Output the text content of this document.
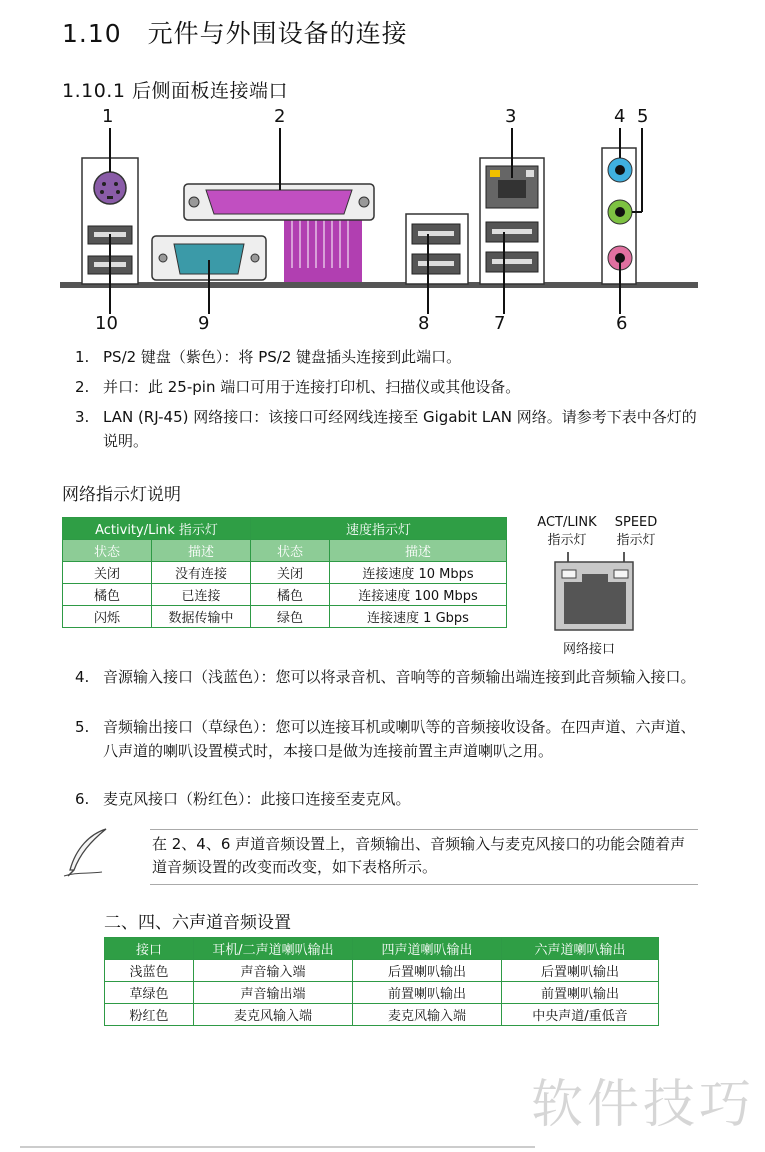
1.10　元件与外围设备的连接
1.10.1 后侧面板连接端口
1	2	3	4 5
10	9	8	7	6
1. PS/2 键盘（紫色）：将 PS/2 键盘插头连接到此端口。
2. 并口：此 25-pin 端口可用于连接打印机、扫描仪或其他设备。
3. LAN (RJ-45) 网络接口：该接口可经网线连接至 Gigabit LAN 网络。请参考下表中各灯的说明。
网络指示灯说明
Activity/Link 指示灯		速度指示灯	
状态	描述	状态	描述
关闭	没有连接	关闭	连接速度 10 Mbps
橘色	已连接	橘色	连接速度 100 Mbps
闪烁	数据传输中	绿色	连接速度 1 Gbps
ACT/LINK
指示灯
SPEED
指示灯
网络接口
4. 音源输入接口（浅蓝色）：您可以将录音机、音响等的音频输出端连接到此音频输入接口。
5. 音频输出接口（草绿色）：您可以连接耳机或喇叭等的音频接收设备。在四声道、六声道、八声道的喇叭设置模式时，本接口是做为连接前置主声道喇叭之用。
6. 麦克风接口（粉红色）：此接口连接至麦克风。
在 2、4、6 声道音频设置上，音频输出、音频输入与麦克风接口的功能会随着声道音频设置的改变而改变，如下表格所示。
二、四、六声道音频设置
接口	耳机/二声道喇叭输出	四声道喇叭输出	六声道喇叭输出
浅蓝色	声音输入端	后置喇叭输出	后置喇叭输出
草绿色	声音输出端	前置喇叭输出	前置喇叭输出
粉红色	麦克风输入端	麦克风输入端	中央声道/重低音
软件技巧
